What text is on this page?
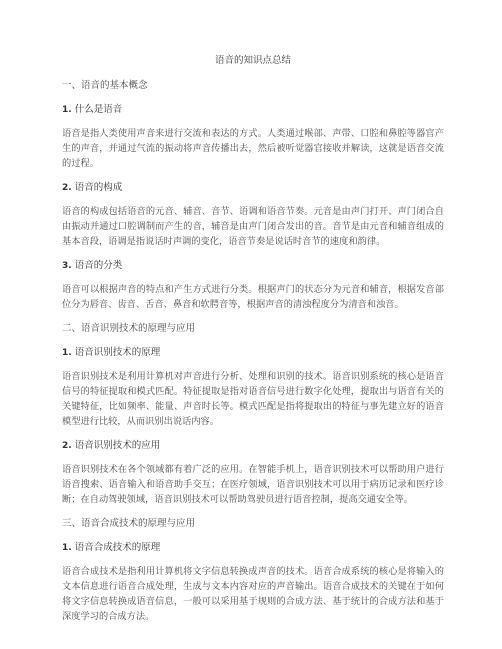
语音的知识点总结
一、语音的基本概念
1. 什么是语音
语音是指人类使用声音来进行交流和表达的方式。人类通过喉部、声带、口腔和鼻腔等器官产生的声音，并通过气流的振动将声音传播出去，然后被听觉器官接收并解读，这就是语音交流的过程。
2. 语音的构成
语音的构成包括语音的元音、辅音、音节、语调和语音节奏。元音是由声门打开、声门闭合自由振动并通过口腔调制而产生的音，辅音是由声门闭合发出的音。音节是由元音和辅音组成的基本音段，语调是指说话时声调的变化，语音节奏是说话时音节的速度和韵律。
3. 语音的分类
语音可以根据声音的特点和产生方式进行分类。根据声门的状态分为元音和辅音，根据发音部位分为唇音、齿音、舌音、鼻音和软腭音等，根据声音的清浊程度分为清音和浊音。
二、语音识别技术的原理与应用
1. 语音识别技术的原理
语音识别技术是利用计算机对声音进行分析、处理和识别的技术。语音识别系统的核心是语音信号的特征提取和模式匹配。特征提取是指对语音信号进行数字化处理，提取出与语音有关的关键特征，比如频率、能量、声音时长等。模式匹配是指将提取出的特征与事先建立好的语音模型进行比较，从而识别出说话内容。
2. 语音识别技术的应用
语音识别技术在各个领域都有着广泛的应用。在智能手机上，语音识别技术可以帮助用户进行语音搜索、语音输入和语音助手交互；在医疗领域，语音识别技术可以用于病历记录和医疗诊断；在自动驾驶领域，语音识别技术可以帮助驾驶员进行语音控制，提高交通安全等。
三、语音合成技术的原理与应用
1. 语音合成技术的原理
语音合成技术是指利用计算机将文字信息转换成声音的技术。语音合成系统的核心是将输入的文本信息进行语音合成处理，生成与文本内容对应的声音输出。语音合成技术的关键在于如何将文字信息转换成语音信息，一般可以采用基于规则的合成方法、基于统计的合成方法和基于深度学习的合成方法。
